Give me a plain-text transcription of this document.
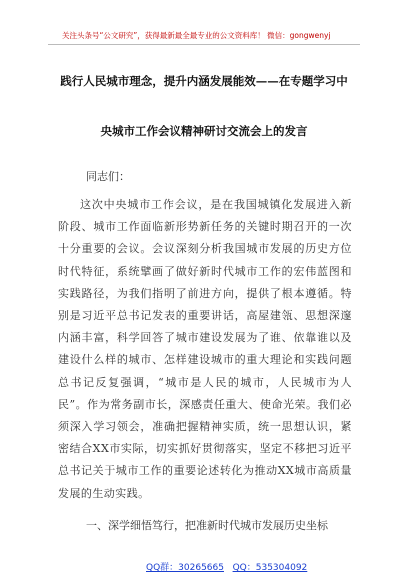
关注头条号“公文研究”，获得最新最全最专业的公文资料库！ 微信：gongwenyj
践行人民城市理念，提升内涵发展能效——在专题学习中
央城市工作会议精神研讨交流会上的发言
同志们：

这次中央城市工作会议，是在我国城镇化发展进入新阶段、城市工作面临新形势新任务的关键时期召开的一次十分重要的会议。会议深刻分析我国城市发展的历史方位时代特征，系统擘画了做好新时代城市工作的宏伟蓝图和实践路径，为我们指明了前进方向，提供了根本遵循。特别是习近平总书记发表的重要讲话，高屋建瓴、思想深邃内涵丰富，科学回答了城市建设发展为了谁、依靠谁以及建设什么样的城市、怎样建设城市的重大理论和实践问题总书记反复强调，“城市是人民的城市，人民城市为人民”。作为常务副市长，深感责任重大、使命光荣。我们必须深入学习领会，准确把握精神实质，统一思想认识，紧密结合XX市实际，切实抓好贯彻落实，坚定不移把习近平总书记关于城市工作的重要论述转化为推动XX城市高质量发展的生动实践。

一、深学细悟笃行，把准新时代城市发展历史坐标

QQ群：30265665 QQ：535304092
